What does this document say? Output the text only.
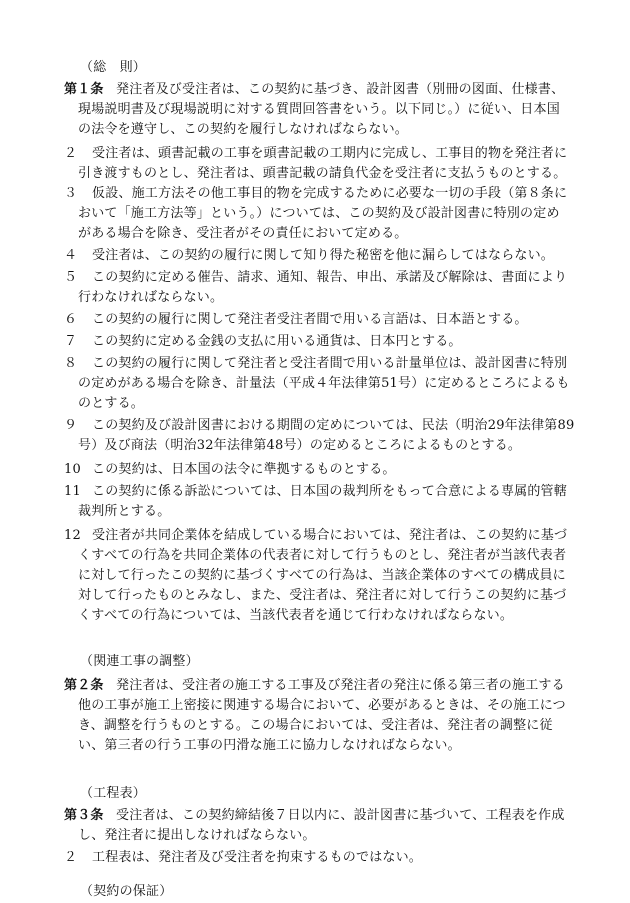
（総　則）
第１条 発注者及び受注者は、この契約に基づき、設計図書（別冊の図面、仕様書、
現場説明書及び現場説明に対する質問回答書をいう。以下同じ。）に従い、日本国
の法令を遵守し、この契約を履行しなければならない。
２ 受注者は、頭書記載の工事を頭書記載の工期内に完成し、工事目的物を発注者に
引き渡すものとし、発注者は、頭書記載の請負代金を受注者に支払うものとする。
３ 仮設、施工方法その他工事目的物を完成するために必要な一切の手段（第８条に
おいて「施工方法等」という。）については、この契約及び設計図書に特別の定め
がある場合を除き、受注者がその責任において定める。
４ 受注者は、この契約の履行に関して知り得た秘密を他に漏らしてはならない。
５ この契約に定める催告、請求、通知、報告、申出、承諾及び解除は、書面により
行わなければならない。
６ この契約の履行に関して発注者受注者間で用いる言語は、日本語とする。
７ この契約に定める金銭の支払に用いる通貨は、日本円とする。
８ この契約の履行に関して発注者と受注者間で用いる計量単位は、設計図書に特別
の定めがある場合を除き、計量法（平成４年法律第51号）に定めるところによるも
のとする。
９ この契約及び設計図書における期間の定めについては、民法（明治29年法律第89
号）及び商法（明治32年法律第48号）の定めるところによるものとする。
10 この契約は、日本国の法令に準拠するものとする。
11 この契約に係る訴訟については、日本国の裁判所をもって合意による専属的管轄
裁判所とする。
12 受注者が共同企業体を結成している場合においては、発注者は、この契約に基づ
くすべての行為を共同企業体の代表者に対して行うものとし、発注者が当該代表者
に対して行ったこの契約に基づくすべての行為は、当該企業体のすべての構成員に
対して行ったものとみなし、また、受注者は、発注者に対して行うこの契約に基づ
くすべての行為については、当該代表者を通じて行わなければならない。
（関連工事の調整）
第２条 発注者は、受注者の施工する工事及び発注者の発注に係る第三者の施工する
他の工事が施工上密接に関連する場合において、必要があるときは、その施工につ
き、調整を行うものとする。この場合においては、受注者は、発注者の調整に従
い、第三者の行う工事の円滑な施工に協力しなければならない。
（工程表）
第３条 受注者は、この契約締結後７日以内に、設計図書に基づいて、工程表を作成
し、発注者に提出しなければならない。
２ 工程表は、発注者及び受注者を拘束するものではない。
（契約の保証）
